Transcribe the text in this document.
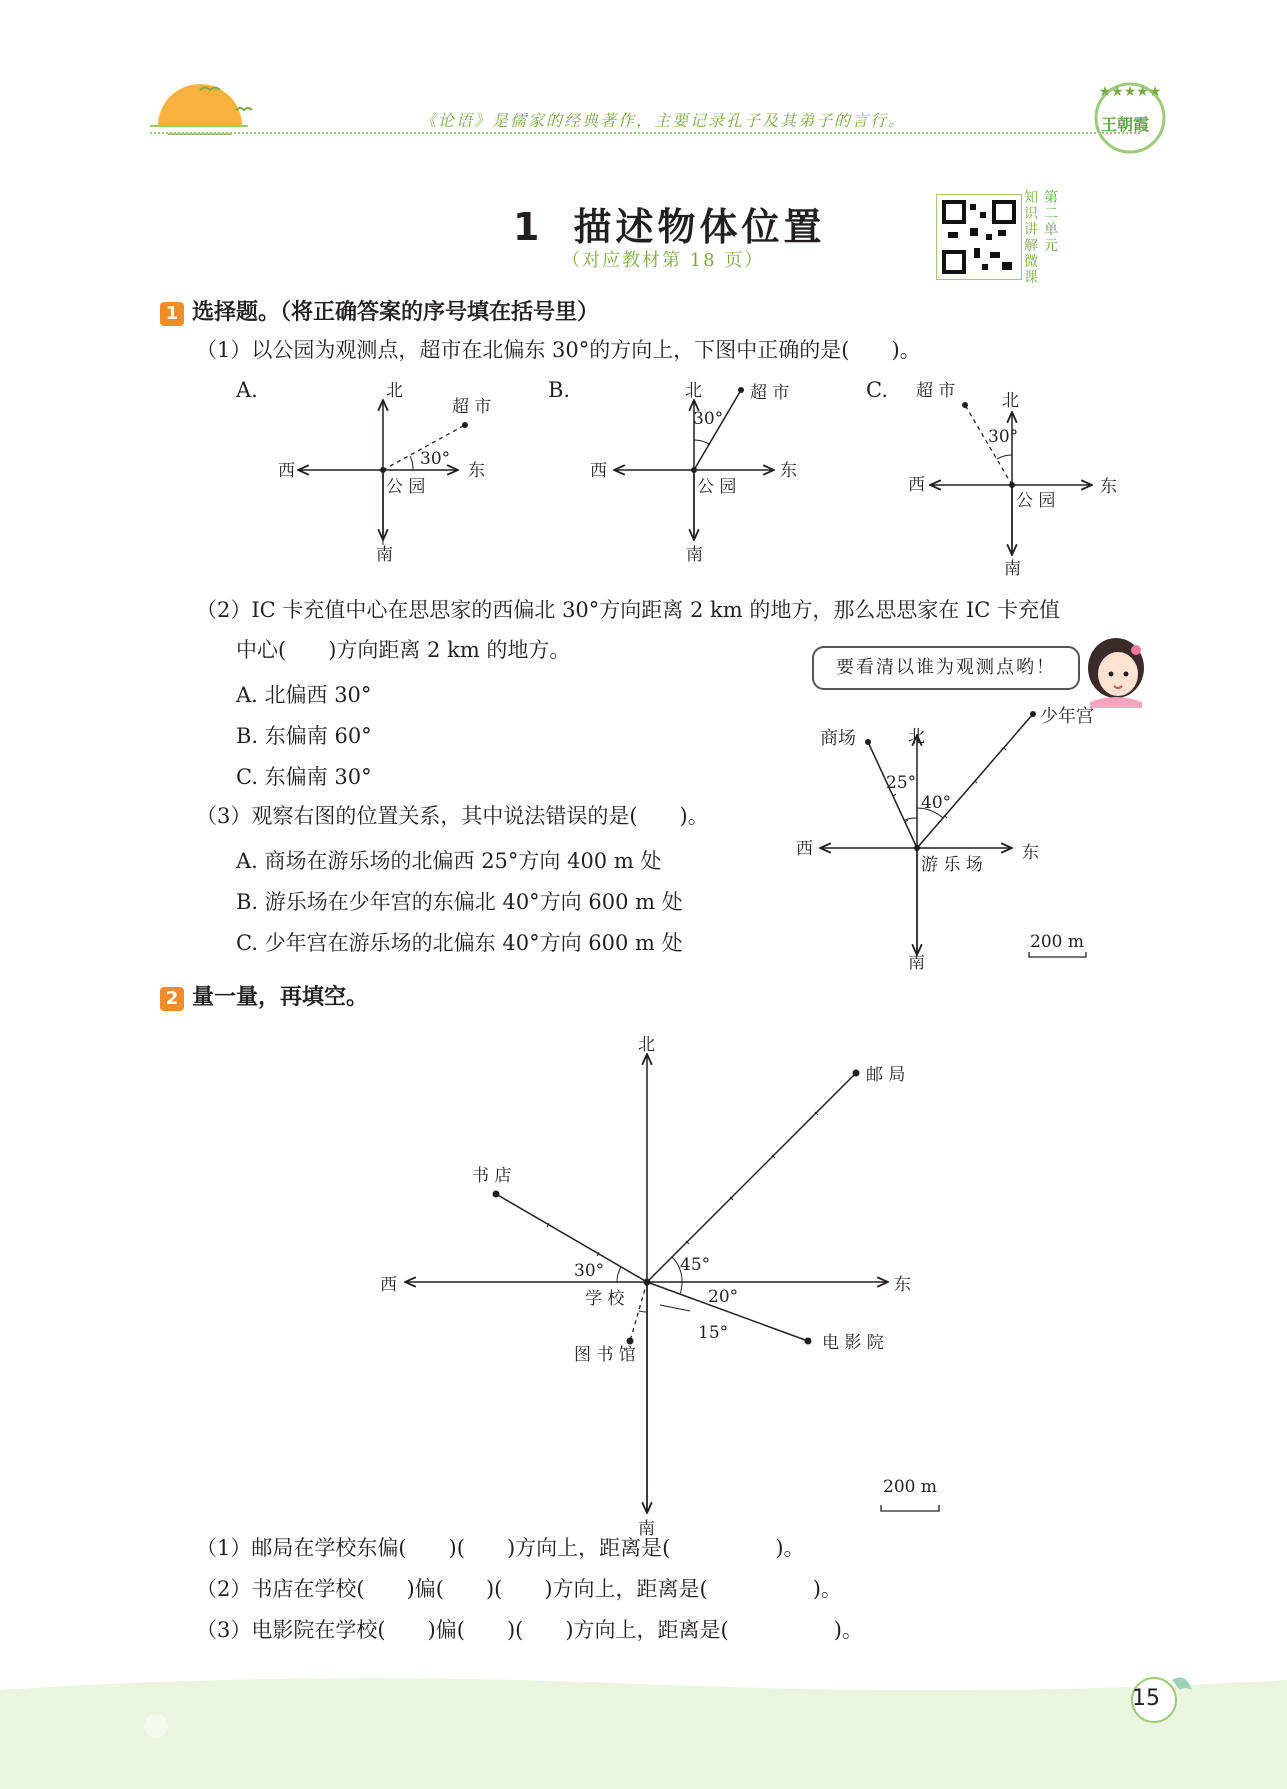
★★★★★
王朝霞
《论语》是儒家的经典著作，主要记录孔子及其弟子的言行。
1 描述物体位置
（对应教材第 18 页）
第二单元
知识讲解微课
1 选择题。（将正确答案的序号填在括号里）
（1）以公园为观测点，超市在北偏东 30°的方向上，下图中正确的是(　　)。
A.	B.	C.
北
南
西	东
公 园
超 市
30°
北
南
西	东
公 园
超 市
30°
北
南
西	东
公 园
超 市
30°
（2）IC 卡充值中心在思思家的西偏北 30°方向距离 2 km 的地方，那么思思家在 IC 卡充值
中心(　　)方向距离 2 km 的地方。
A. 北偏西 30°
B. 东偏南 60°
C. 东偏南 30°
要看清以谁为观测点哟！
（3）观察右图的位置关系，其中说法错误的是(　　)。
A. 商场在游乐场的北偏西 25°方向 400 m 处
B. 游乐场在少年宫的东偏北 40°方向 600 m 处
C. 少年宫在游乐场的北偏东 40°方向 600 m 处
商场
少年宫
北
南
西	东
游 乐 场
25°
40°
200 m
2 量一量，再填空。
北
南
西	东
学 校
邮 局
书 店
电 影 院
图 书 馆
45°
30°
20°
15°
200 m
（1）邮局在学校东偏(　　)(　　)方向上，距离是(　　　　　)。
（2）书店在学校(　　)偏(　　)(　　)方向上，距离是(　　　　　)。
（3）电影院在学校(　　)偏(　　)(　　)方向上，距离是(　　　　　)。
15
